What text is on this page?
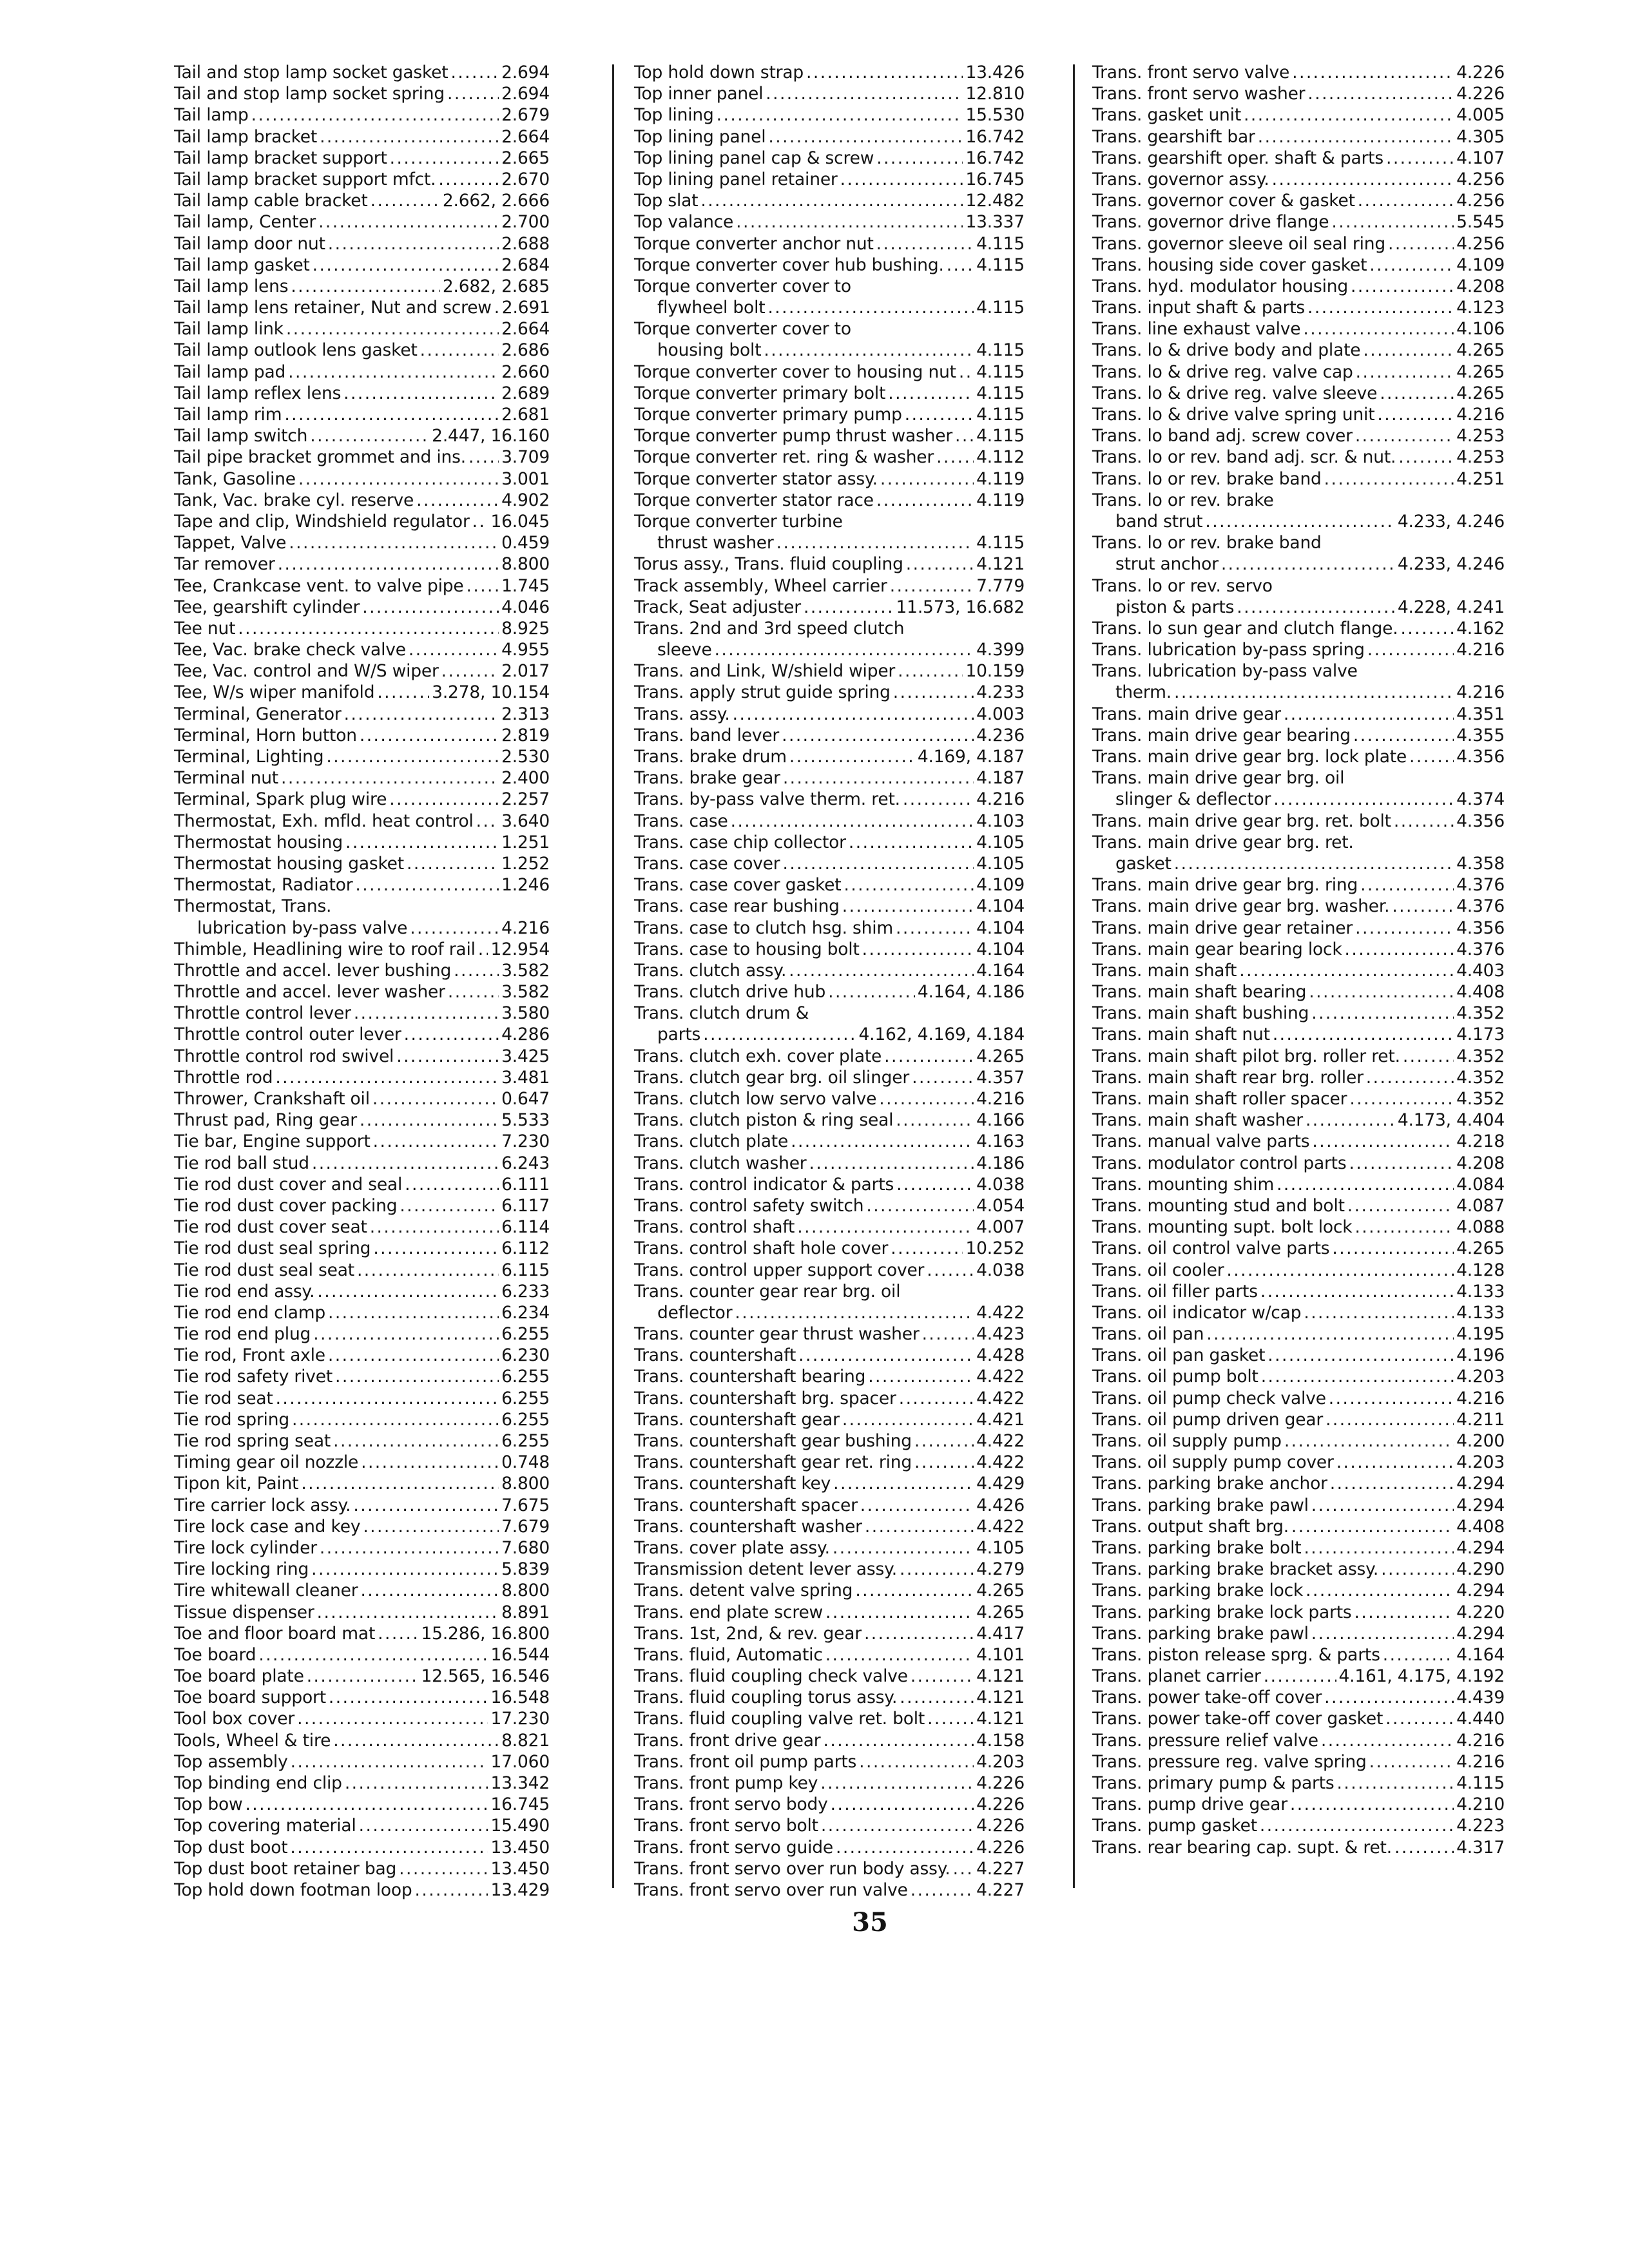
Tail and stop lamp socket gasket . . .	2.694
Tail and stop lamp socket spring . . .	2.694
Tail lamp . . .	2.679
Tail lamp bracket . . .	2.664
Tail lamp bracket support . . .	2.665
Tail lamp bracket support mfct. . . .	2.670
Tail lamp cable bracket . . .	2.662, 2.666
Tail lamp, Center . . .	2.700
Tail lamp door nut . . .	2.688
Tail lamp gasket . . .	2.684
Tail lamp lens . . .	2.682, 2.685
Tail lamp lens retainer, Nut and screw . . . 2.691
Tail lamp link . . .	2.664
Tail lamp outlook lens gasket . . .	2.686
Tail lamp pad . . .	2.660
Tail lamp reflex lens . . .	2.689
Tail lamp rim . . .	2.681
Tail lamp switch . . .	2.447, 16.160
Tail pipe bracket grommet and ins. . . . 3.709
Tank, Gasoline . . .	3.001
Tank, Vac. brake cyl. reserve . . .	4.902
Tape and clip, Windshield regulator . . . 16.045
Tappet, Valve . . .	0.459
Tar remover . . .	8.800
Tee, Crankcase vent. to valve pipe . . . 1.745
Tee, gearshift cylinder . . .	4.046
Tee nut . . .	8.925
Tee, Vac. brake check valve . . .	4.955
Tee, Vac. control and W/S wiper . . .	2.017
Tee, W/s wiper manifold . . .	3.278, 10.154
Terminal, Generator . . .	2.313
Terminal, Horn button . . .	2.819
Terminal, Lighting . . .	2.530
Terminal nut . . .	2.400
Terminal, Spark plug wire . . .	2.257
Thermostat, Exh. mfld. heat control . . . 3.640
Thermostat housing . . .	1.251
Thermostat housing gasket . . .	1.252
Thermostat, Radiator . . .	1.246
Thermostat, Trans.
lubrication by-pass valve . . .	4.216
Thimble, Headlining wire to roof rail . . . 12.954
Throttle and accel. lever bushing . . .	3.582
Throttle and accel. lever washer . . .	3.582
Throttle control lever . . .	3.580
Throttle control outer lever . . .	4.286
Throttle control rod swivel . . .	3.425
Throttle rod . . .	3.481
Thrower, Crankshaft oil . . .	0.647
Thrust pad, Ring gear . . .	5.533
Tie bar, Engine support . . .	7.230
Tie rod ball stud . . .	6.243
Tie rod dust cover and seal . . .	6.111
Tie rod dust cover packing . . .	6.117
Tie rod dust cover seat . . .	6.114
Tie rod dust seal spring . . .	6.112
Tie rod dust seal seat . . .	6.115
Tie rod end assy. . . .	6.233
Tie rod end clamp . . .	6.234
Tie rod end plug . . .	6.255
Tie rod, Front axle . . .	6.230
Tie rod safety rivet . . .	6.255
Tie rod seat . . .	6.255
Tie rod spring . . .	6.255
Tie rod spring seat . . .	6.255
Timing gear oil nozzle . . .	0.748
Tipon kit, Paint . . .	8.800
Tire carrier lock assy. . . .	7.675
Tire lock case and key . . .	7.679
Tire lock cylinder . . .	7.680
Tire locking ring . . .	5.839
Tire whitewall cleaner . . .	8.800
Tissue dispenser . . .	8.891
Toe and floor board mat . . .	15.286, 16.800
Toe board . . .	16.544
Toe board plate . . .	12.565, 16.546
Toe board support . . .	16.548
Tool box cover . . .	17.230
Tools, Wheel & tire . . .	8.821
Top assembly . . .	17.060
Top binding end clip . . .	13.342
Top bow . . .	16.745
Top covering material . . .	15.490
Top dust boot . . .	13.450
Top dust boot retainer bag . . .	13.450
Top hold down footman loop . . .	13.429
Top hold down strap . . .	13.426
Top inner panel . . .	12.810
Top lining . . .	15.530
Top lining panel . . .	16.742
Top lining panel cap & screw . . .	16.742
Top lining panel retainer . . .	16.745
Top slat . . .	12.482
Top valance . . .	13.337
Torque converter anchor nut . . .	4.115
Torque converter cover hub bushing. . . . 4.115
Torque converter cover to
flywheel bolt . . .	4.115
Torque converter cover to
housing bolt . . .	4.115
Torque converter cover to housing nut . . . 4.115
Torque converter primary bolt . . .	4.115
Torque converter primary pump . . .	4.115
Torque converter pump thrust washer . . . 4.115
Torque converter ret. ring & washer . . . 4.112
Torque converter stator assy. . . .	4.119
Torque converter stator race . . .	4.119
Torque converter turbine
thrust washer . . .	4.115
Torus assy., Trans. fluid coupling . . .	4.121
Track assembly, Wheel carrier . . .	7.779
Track, Seat adjuster . . .	11.573, 16.682
Trans. 2nd and 3rd speed clutch
sleeve . . .	4.399
Trans. and Link, W/shield wiper . . .	10.159
Trans. apply strut guide spring . . .	4.233
Trans. assy. . . .	4.003
Trans. band lever . . .	4.236
Trans. brake drum . . .	4.169, 4.187
Trans. brake gear . . .	4.187
Trans. by-pass valve therm. ret. . . .	4.216
Trans. case . . .	4.103
Trans. case chip collector . . .	4.105
Trans. case cover . . .	4.105
Trans. case cover gasket . . .	4.109
Trans. case rear bushing . . .	4.104
Trans. case to clutch hsg. shim . . .	4.104
Trans. case to housing bolt . . .	4.104
Trans. clutch assy. . . .	4.164
Trans. clutch drive hub . . .	4.164, 4.186
Trans. clutch drum &
parts . . .	4.162, 4.169, 4.184
Trans. clutch exh. cover plate . . .	4.265
Trans. clutch gear brg. oil slinger . . .	4.357
Trans. clutch low servo valve . . .	4.216
Trans. clutch piston & ring seal . . .	4.166
Trans. clutch plate . . .	4.163
Trans. clutch washer . . .	4.186
Trans. control indicator & parts . . .	4.038
Trans. control safety switch . . .	4.054
Trans. control shaft . . .	4.007
Trans. control shaft hole cover . . .	10.252
Trans. control upper support cover . . .	4.038
Trans. counter gear rear brg. oil
deflector . . .	4.422
Trans. counter gear thrust washer . . .	4.423
Trans. countershaft . . .	4.428
Trans. countershaft bearing . . .	4.422
Trans. countershaft brg. spacer . . .	4.422
Trans. countershaft gear . . .	4.421
Trans. countershaft gear bushing . . .	4.422
Trans. countershaft gear ret. ring . . .	4.422
Trans. countershaft key . . .	4.429
Trans. countershaft spacer . . .	4.426
Trans. countershaft washer . . .	4.422
Trans. cover plate assy. . . .	4.105
Transmission detent lever assy. . . .	4.279
Trans. detent valve spring . . .	4.265
Trans. end plate screw . . .	4.265
Trans. 1st, 2nd, & rev. gear . . .	4.417
Trans. fluid, Automatic . . .	4.101
Trans. fluid coupling check valve . . .	4.121
Trans. fluid coupling torus assy. . . .	4.121
Trans. fluid coupling valve ret. bolt . . .	4.121
Trans. front drive gear . . .	4.158
Trans. front oil pump parts . . .	4.203
Trans. front pump key . . .	4.226
Trans. front servo body . . .	4.226
Trans. front servo bolt . . .	4.226
Trans. front servo guide . . .	4.226
Trans. front servo over run body assy. . . . 4.227
Trans. front servo over run valve . . .	4.227
Trans. front servo valve . . .	4.226
Trans. front servo washer . . .	4.226
Trans. gasket unit . . .	4.005
Trans. gearshift bar . . .	4.305
Trans. gearshift oper. shaft & parts . . .	4.107
Trans. governor assy. . . .	4.256
Trans. governor cover & gasket . . .	4.256
Trans. governor drive flange . . .	5.545
Trans. governor sleeve oil seal ring . . .	4.256
Trans. housing side cover gasket . . .	4.109
Trans. hyd. modulator housing . . .	4.208
Trans. input shaft & parts . . .	4.123
Trans. line exhaust valve . . .	4.106
Trans. lo & drive body and plate . . .	4.265
Trans. lo & drive reg. valve cap . . .	4.265
Trans. lo & drive reg. valve sleeve . . .	4.265
Trans. lo & drive valve spring unit . . .	4.216
Trans. lo band adj. screw cover . . .	4.253
Trans. lo or rev. band adj. scr. & nut. . . .	4.253
Trans. lo or rev. brake band . . .	4.251
Trans. lo or rev. brake
band strut . . .	4.233, 4.246
Trans. lo or rev. brake band
strut anchor . . .	4.233, 4.246
Trans. lo or rev. servo
piston & parts . . .	4.228, 4.241
Trans. lo sun gear and clutch flange. . . .	4.162
Trans. lubrication by-pass spring . . .	4.216
Trans. lubrication by-pass valve
therm. . . .	4.216
Trans. main drive gear . . .	4.351
Trans. main drive gear bearing . . .	4.355
Trans. main drive gear brg. lock plate . . .	4.356
Trans. main drive gear brg. oil
slinger & deflector . . .	4.374
Trans. main drive gear brg. ret. bolt . . .	4.356
Trans. main drive gear brg. ret.
gasket . . .	4.358
Trans. main drive gear brg. ring . . .	4.376
Trans. main drive gear brg. washer. . . .	4.376
Trans. main drive gear retainer . . .	4.356
Trans. main gear bearing lock . . .	4.376
Trans. main shaft . . .	4.403
Trans. main shaft bearing . . .	4.408
Trans. main shaft bushing . . .	4.352
Trans. main shaft nut . . .	4.173
Trans. main shaft pilot brg. roller ret. . . .	4.352
Trans. main shaft rear brg. roller . . .	4.352
Trans. main shaft roller spacer . . .	4.352
Trans. main shaft washer . . .	4.173, 4.404
Trans. manual valve parts . . .	4.218
Trans. modulator control parts . . .	4.208
Trans. mounting shim . . .	4.084
Trans. mounting stud and bolt . . .	4.087
Trans. mounting supt. bolt lock . . .	4.088
Trans. oil control valve parts . . .	4.265
Trans. oil cooler . . .	4.128
Trans. oil filler parts . . .	4.133
Trans. oil indicator w/cap . . .	4.133
Trans. oil pan . . .	4.195
Trans. oil pan gasket . . .	4.196
Trans. oil pump bolt . . .	4.203
Trans. oil pump check valve . . .	4.216
Trans. oil pump driven gear . . .	4.211
Trans. oil supply pump . . .	4.200
Trans. oil supply pump cover . . .	4.203
Trans. parking brake anchor . . .	4.294
Trans. parking brake pawl . . .	4.294
Trans. output shaft brg. . . .	4.408
Trans. parking brake bolt . . .	4.294
Trans. parking brake bracket assy. . . .	4.290
Trans. parking brake lock . . .	4.294
Trans. parking brake lock parts . . .	4.220
Trans. parking brake pawl . . .	4.294
Trans. piston release sprg. & parts . . .	4.164
Trans. planet carrier . . .	4.161, 4.175, 4.192
Trans. power take-off cover . . .	4.439
Trans. power take-off cover gasket . . .	4.440
Trans. pressure relief valve . . .	4.216
Trans. pressure reg. valve spring . . .	4.216
Trans. primary pump & parts . . .	4.115
Trans. pump drive gear . . .	4.210
Trans. pump gasket . . .	4.223
Trans. rear bearing cap. supt. & ret. . . .	4.317
35
